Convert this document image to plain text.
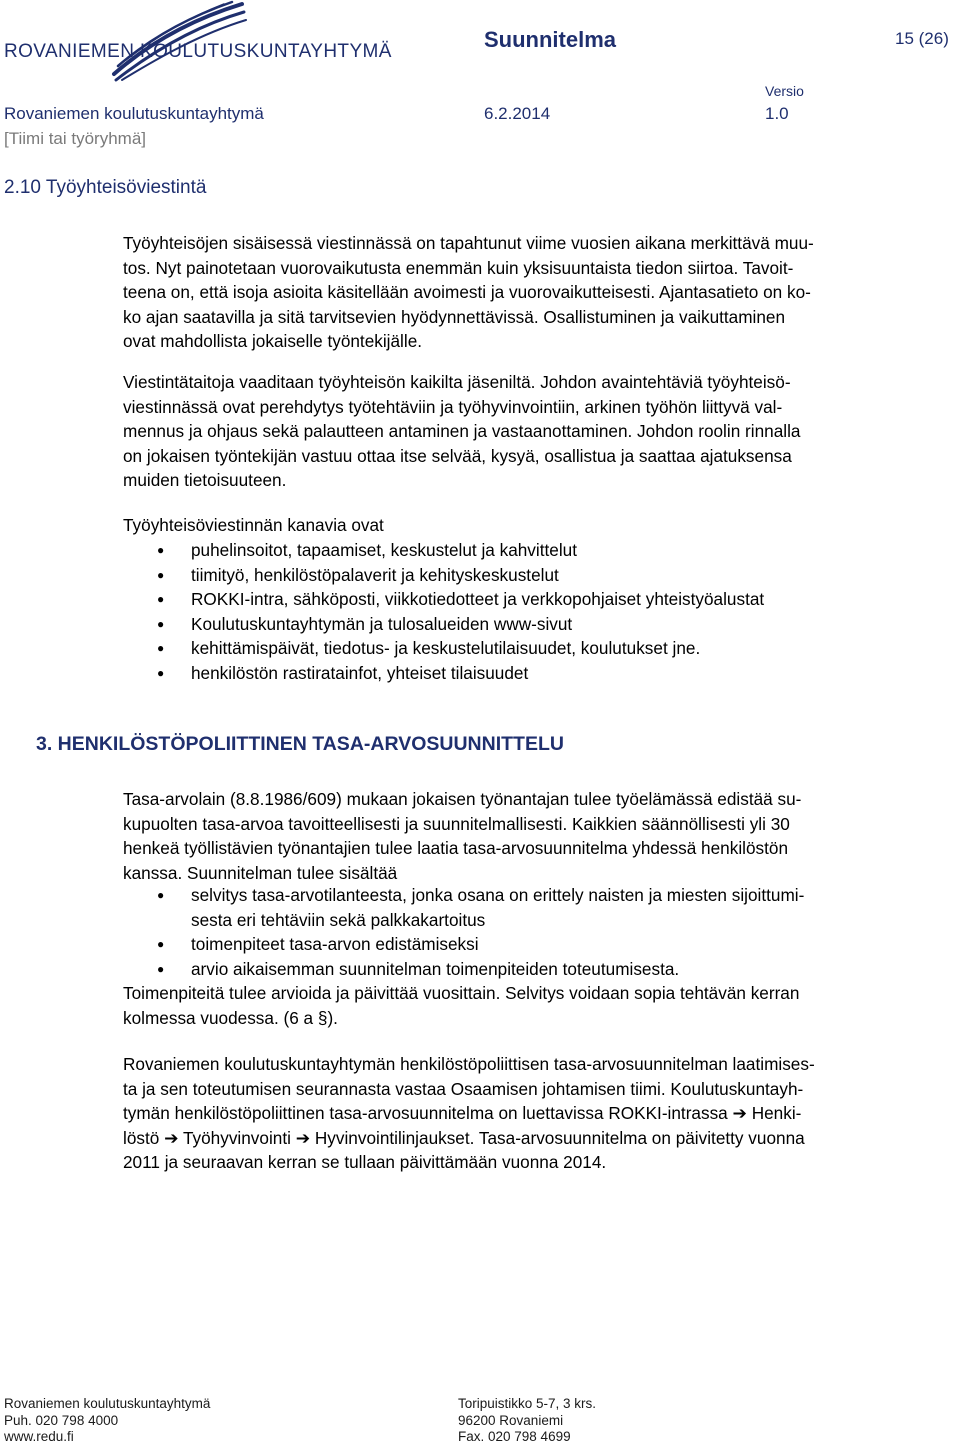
ROVANIEMEN KOULUTUSKUNTAYHTYMÄ	Suunnitelma	15 (26)
Versio
Rovaniemen koulutuskuntayhtymä	6.2.2014	1.0
[Tiimi tai työryhmä]
2.10 Työyhteisöviestintä

Työyhteisöjen sisäisessä viestinnässä on tapahtunut viime vuosien aikana merkittävä muu-

tos. Nyt painotetaan vuorovaikutusta enemmän kuin yksisuuntaista tiedon siirtoa. Tavoit-

teena on, että isoja asioita käsitellään avoimesti ja vuorovaikutteisesti. Ajantasatieto on ko-

ko ajan saatavilla ja sitä tarvitsevien hyödynnettävissä. Osallistuminen ja vaikuttaminen

ovat mahdollista jokaiselle työntekijälle.

Viestintätaitoja vaaditaan työyhteisön kaikilta jäseniltä. Johdon avaintehtäviä työyhteisö-

viestinnässä ovat perehdytys työtehtäviin ja työhyvinvointiin, arkinen työhön liittyvä val-

mennus ja ohjaus sekä palautteen antaminen ja vastaanottaminen. Johdon roolin rinnalla

on jokaisen työntekijän vastuu ottaa itse selvää, kysyä, osallistua ja saattaa ajatuksensa

muiden tietoisuuteen.

Työyhteisöviestinnän kanavia ovat

● puhelinsoitot, tapaamiset, keskustelut ja kahvittelut
● tiimityö, henkilöstöpalaverit ja kehityskeskustelut
● ROKKI-intra, sähköposti, viikkotiedotteet ja verkkopohjaiset yhteistyöalustat
● Koulutuskuntayhtymän ja tulosalueiden www-sivut
● kehittämispäivät, tiedotus- ja keskustelutilaisuudet, koulutukset jne.
● henkilöstön rastiratainfot, yhteiset tilaisuudet
3. HENKILÖSTÖPOLIITTINEN TASA-ARVOSUUNNITTELU

Tasa-arvolain (8.8.1986/609) mukaan jokaisen työnantajan tulee työelämässä edistää su-

kupuolten tasa-arvoa tavoitteellisesti ja suunnitelmallisesti. Kaikkien säännöllisesti yli 30

henkeä työllistävien työnantajien tulee laatia tasa-arvosuunnitelma yhdessä henkilöstön

kanssa. Suunnitelman tulee sisältää

● selvitys tasa-arvotilanteesta, jonka osana on erittely naisten ja miesten sijoittumi-
sesta eri tehtäviin sekä palkkakartoitus
● toimenpiteet tasa-arvon edistämiseksi
● arvio aikaisemman suunnitelman toimenpiteiden toteutumisesta.

Toimenpiteitä tulee arvioida ja päivittää vuosittain. Selvitys voidaan sopia tehtävän kerran

kolmessa vuodessa. (6 a §).

Rovaniemen koulutuskuntayhtymän henkilöstöpoliittisen tasa-arvosuunnitelman laatimises-

ta ja sen toteutumisen seurannasta vastaa Osaamisen johtamisen tiimi. Koulutuskuntayh-

tymän henkilöstöpoliittinen tasa-arvosuunnitelma on luettavissa ROKKI-intrassa ➔ Henki-

löstö ➔ Työhyvinvointi ➔ Hyvinvointilinjaukset. Tasa-arvosuunnitelma on päivitetty vuonna

2011 ja seuraavan kerran se tullaan päivittämään vuonna 2014.

Rovaniemen koulutuskuntayhtymä
Puh. 020 798 4000
www.redu.fi
Toripuistikko 5-7, 3 krs.
96200 Rovaniemi
Fax. 020 798 4699
